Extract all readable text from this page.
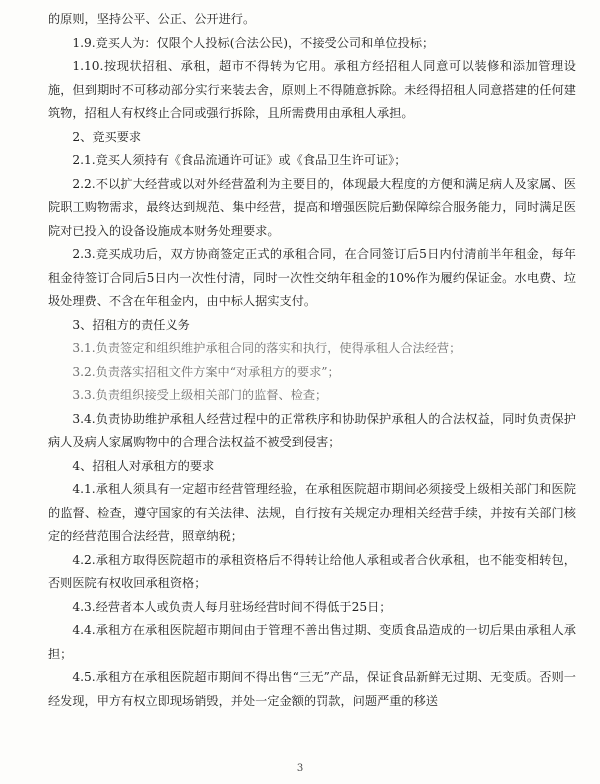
的原则，坚持公平、公正、公开进行。

1.9.竞买人为：仅限个人投标(合法公民)，不接受公司和单位投标；

1.10.按现状招租、承租，超市不得转为它用。承租方经招租人同意可以装修和添加管理设施，但到期时不可移动部分实行来装去舍，原则上不得随意拆除。未经得招租人同意搭建的任何建筑物，招租人有权终止合同或强行拆除，且所需费用由承租人承担。

2、竞买要求

2.1.竞买人须持有《食品流通许可证》或《食品卫生许可证》；

2.2.不以扩大经营或以对外经营盈利为主要目的，体现最大程度的方便和满足病人及家属、医院职工购物需求，最终达到规范、集中经营，提高和增强医院后勤保障综合服务能力，同时满足医院对已投入的设备设施成本财务处理要求。

2.3.竞买成功后，双方协商签定正式的承租合同，在合同签订后5日内付清前半年租金，每年租金待签订合同后5日内一次性付清，同时一次性交纳年租金的10%作为履约保证金。水电费、垃圾处理费、不含在年租金内，由中标人据实支付。

3、招租方的责任义务

3.1.负责签定和组织维护承租合同的落实和执行，使得承租人合法经营；

3.2.负责落实招租文件方案中“对承租方的要求”；

3.3.负责组织接受上级相关部门的监督、检查；

3.4.负责协助维护承租人经营过程中的正常秩序和协助保护承租人的合法权益，同时负责保护病人及病人家属购物中的合理合法权益不被受到侵害；

4、招租人对承租方的要求

4.1.承租人须具有一定超市经营管理经验，在承租医院超市期间必须接受上级相关部门和医院的监督、检查，遵守国家的有关法律、法规，自行按有关规定办理相关经营手续，并按有关部门核定的经营范围合法经营，照章纳税；

4.2.承租方取得医院超市的承租资格后不得转让给他人承租或者合伙承租，也不能变相转包，否则医院有权收回承租资格；

4.3.经营者本人或负责人每月驻场经营时间不得低于25日；

4.4.承租方在承租医院超市期间由于管理不善出售过期、变质食品造成的一切后果由承租人承担；

4.5.承租方在承租医院超市期间不得出售“三无”产品，保证食品新鲜无过期、无变质。否则一经发现，甲方有权立即现场销毁，并处一定金额的罚款，问题严重的移送

3
